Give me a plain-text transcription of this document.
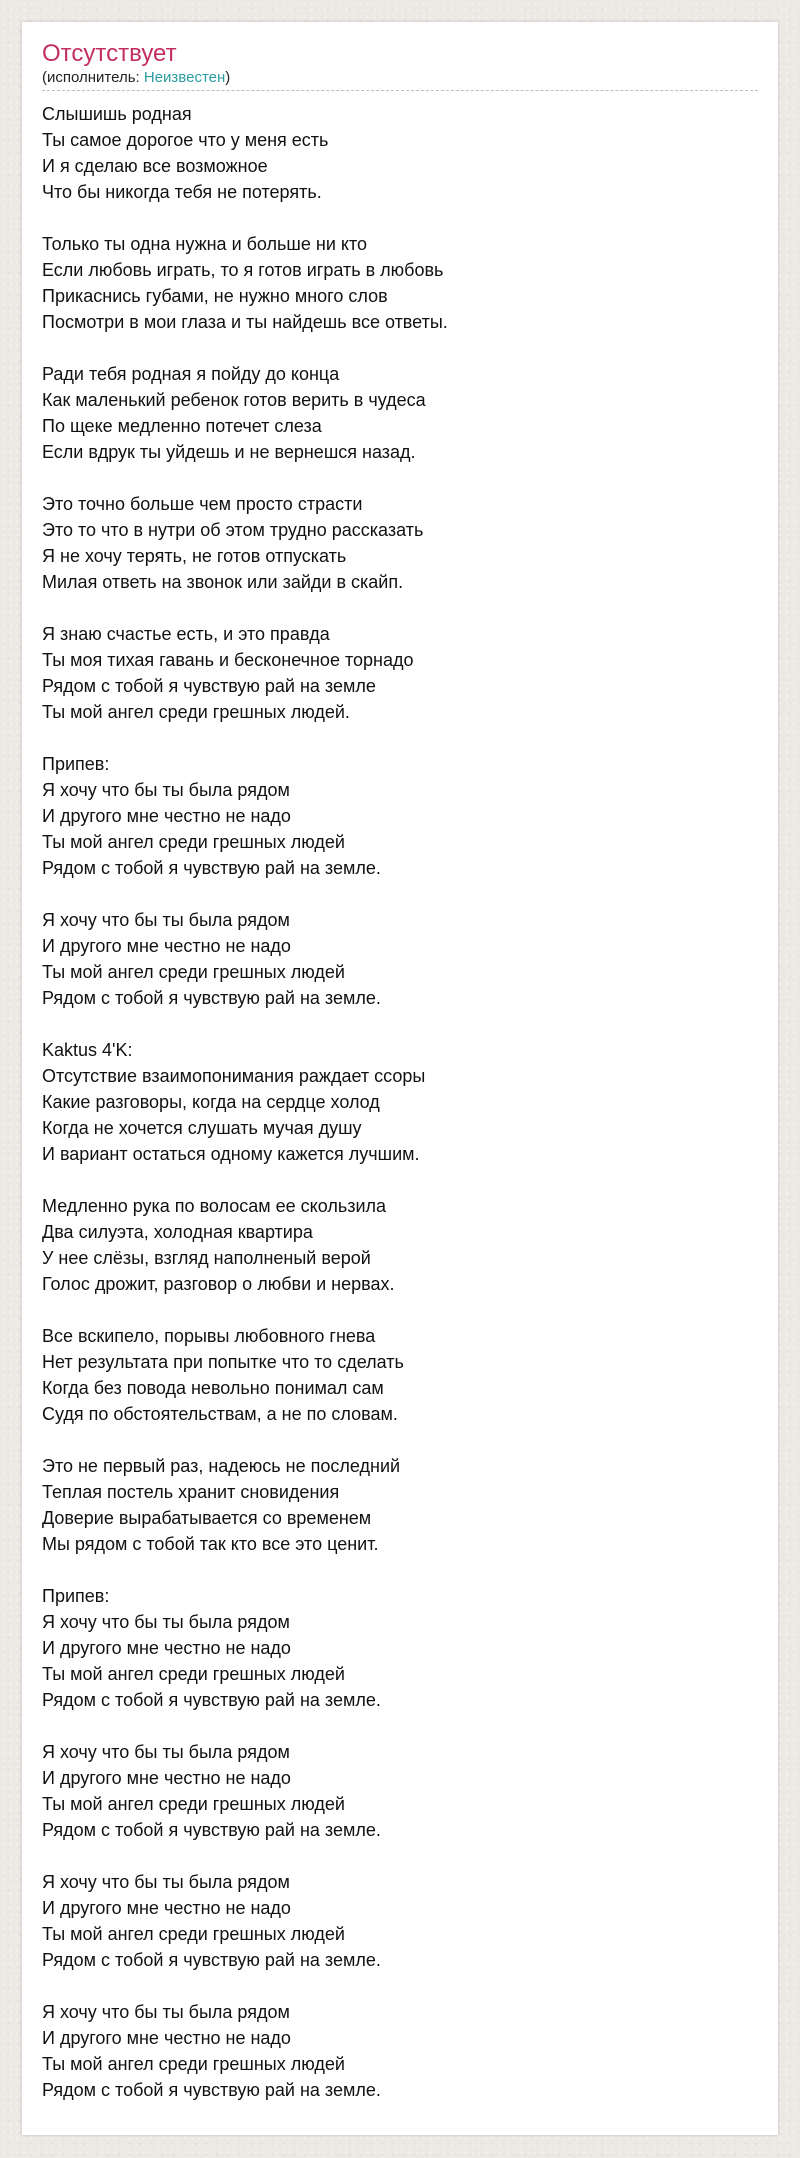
Отсутствует
(исполнитель: Неизвестен)
Слышишь родная
Ты самое дорогое что у меня есть
И я сделаю все возможное
Что бы никогда тебя не потерять.
Только ты одна нужна и больше ни кто
Если любовь играть, то я готов играть в любовь
Прикаснись губами, не нужно много слов
Посмотри в мои глаза и ты найдешь все ответы.
Ради тебя родная я пойду до конца
Как маленький ребенок готов верить в чудеса
По щеке медленно потечет слеза
Если вдрук ты уйдешь и не вернешся назад.
Это точно больше чем просто страсти
Это то что в нутри об этом трудно рассказать
Я не хочу терять, не готов отпускать
Милая ответь на звонок или зайди в скайп.
Я знаю счастье есть, и это правда
Ты моя тихая гавань и бесконечное торнадо
Рядом с тобой я чувствую рай на земле
Ты мой ангел среди грешных людей.
Припев:
Я хочу что бы ты была рядом
И другого мне честно не надо
Ты мой ангел среди грешных людей
Рядом с тобой я чувствую рай на земле.
Я хочу что бы ты была рядом
И другого мне честно не надо
Ты мой ангел среди грешных людей
Рядом с тобой я чувствую рай на земле.
Kaktus 4'K:
Отсутствие взаимопонимания раждает ссоры
Какие разговоры, когда на сердце холод
Когда не хочется слушать мучая душу
И вариант остаться одному кажется лучшим.
Медленно рука по волосам ее скользила
Два силуэта, холодная квартира
У нее слёзы, взгляд наполненый верой
Голос дрожит, разговор о любви и нервах.
Все вскипело, порывы любовного гнева
Нет результата при попытке что то сделать
Когда без повода невольно понимал сам
Судя по обстоятельствам, а не по словам.
Это не первый раз, надеюсь не последний
Теплая постель хранит сновидения
Доверие вырабатывается со временем
Мы рядом с тобой так кто все это ценит.
Припев:
Я хочу что бы ты была рядом
И другого мне честно не надо
Ты мой ангел среди грешных людей
Рядом с тобой я чувствую рай на земле.
Я хочу что бы ты была рядом
И другого мне честно не надо
Ты мой ангел среди грешных людей
Рядом с тобой я чувствую рай на земле.
Я хочу что бы ты была рядом
И другого мне честно не надо
Ты мой ангел среди грешных людей
Рядом с тобой я чувствую рай на земле.
Я хочу что бы ты была рядом
И другого мне честно не надо
Ты мой ангел среди грешных людей
Рядом с тобой я чувствую рай на земле.
